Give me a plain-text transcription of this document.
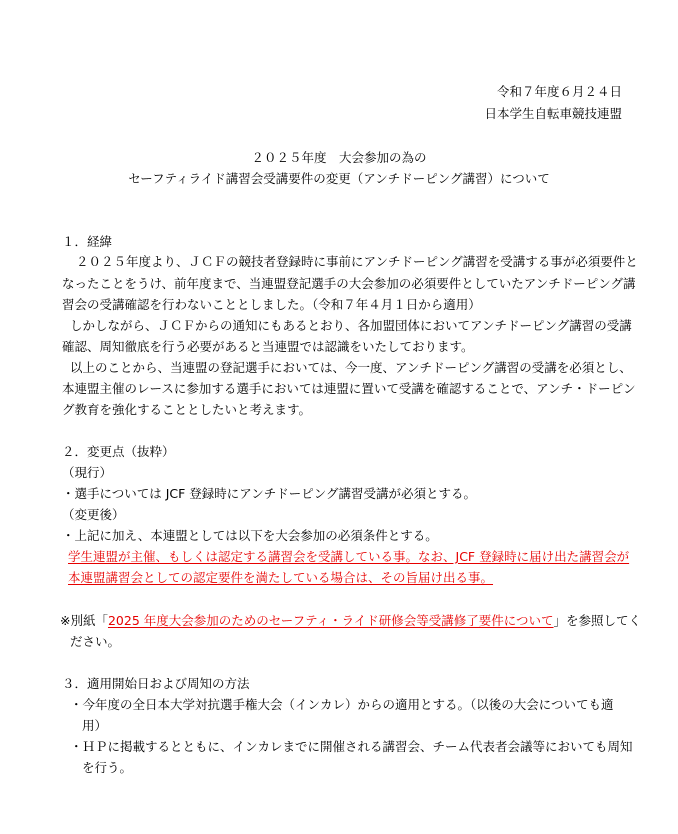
令和７年度６月２４日
日本学生自転車競技連盟
２０２５年度　大会参加の為の
セーフティライド講習会受講要件の変更（アンチドーピング講習）について
１．経緯
２０２５年度より、ＪＣＦの競技者登録時に事前にアンチドーピング講習を受講する事が必須要件と
なったことをうけ、前年度まで、当連盟登記選手の大会参加の必須要件としていたアンチドーピング講
習会の受講確認を行わないこととしました。（令和７年４月１日から適用）
しかしながら、ＪＣＦからの通知にもあるとおり、各加盟団体においてアンチドーピング講習の受講
確認、周知徹底を行う必要があると当連盟では認識をいたしております。
以上のことから、当連盟の登記選手においては、今一度、アンチドーピング講習の受講を必須とし、
本連盟主催のレースに参加する選手においては連盟に置いて受講を確認することで、アンチ・ドーピン
グ教育を強化することとしたいと考えます。
２．変更点（抜粋）
（現行）
・選手については JCF 登録時にアンチドーピング講習受講が必須とする。
（変更後）
・上記に加え、本連盟としては以下を大会参加の必須条件とする。
学生連盟が主催、もしくは認定する講習会を受講している事。なお、JCF 登録時に届け出た講習会が
本連盟講習会としての認定要件を満たしている場合は、その旨届け出る事。
※別紙「2025 年度大会参加のためのセーフティ・ライド研修会等受講修了要件について」を参照してく
ださい。
３．適用開始日および周知の方法
・今年度の全日本大学対抗選手権大会（インカレ）からの適用とする。（以後の大会についても適
用）
・ＨＰに掲載するとともに、インカレまでに開催される講習会、チーム代表者会議等においても周知
を行う。
